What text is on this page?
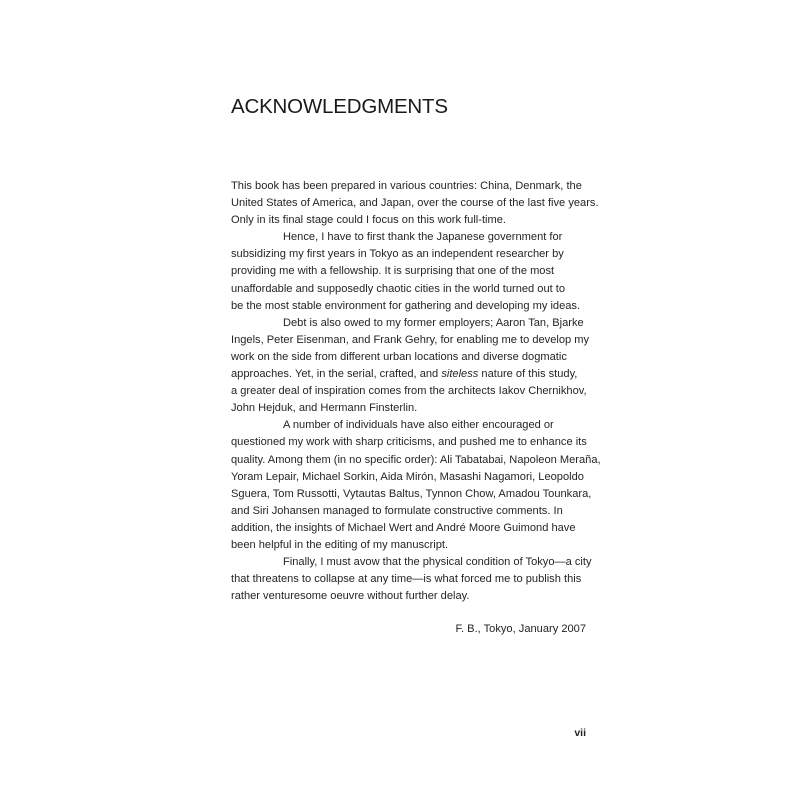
ACKNOWLEDGMENTS

This book has been prepared in various countries: China, Denmark, the
United States of America, and Japan, over the course of the last five years.
Only in its final stage could I focus on this work full-time.

Hence, I have to first thank the Japanese government for
subsidizing my first years in Tokyo as an independent researcher by
providing me with a fellowship. It is surprising that one of the most
unaffordable and supposedly chaotic cities in the world turned out to
be the most stable environment for gathering and developing my ideas.

Debt is also owed to my former employers; Aaron Tan, Bjarke
Ingels, Peter Eisenman, and Frank Gehry, for enabling me to develop my
work on the side from different urban locations and diverse dogmatic
approaches. Yet, in the serial, crafted, and siteless nature of this study,
a greater deal of inspiration comes from the architects Iakov Chernikhov,
John Hejduk, and Hermann Finsterlin.

A number of individuals have also either encouraged or
questioned my work with sharp criticisms, and pushed me to enhance its
quality. Among them (in no specific order): Ali Tabatabai, Napoleon Meraña,
Yoram Lepair, Michael Sorkin, Aida Mirón, Masashi Nagamori, Leopoldo
Sguera, Tom Russotti, Vytautas Baltus, Tynnon Chow, Amadou Tounkara,
and Siri Johansen managed to formulate constructive comments. In
addition, the insights of Michael Wert and André Moore Guimond have
been helpful in the editing of my manuscript.

Finally, I must avow that the physical condition of Tokyo—a city
that threatens to collapse at any time—is what forced me to publish this
rather venturesome oeuvre without further delay.

F. B., Tokyo, January 2007

vii
